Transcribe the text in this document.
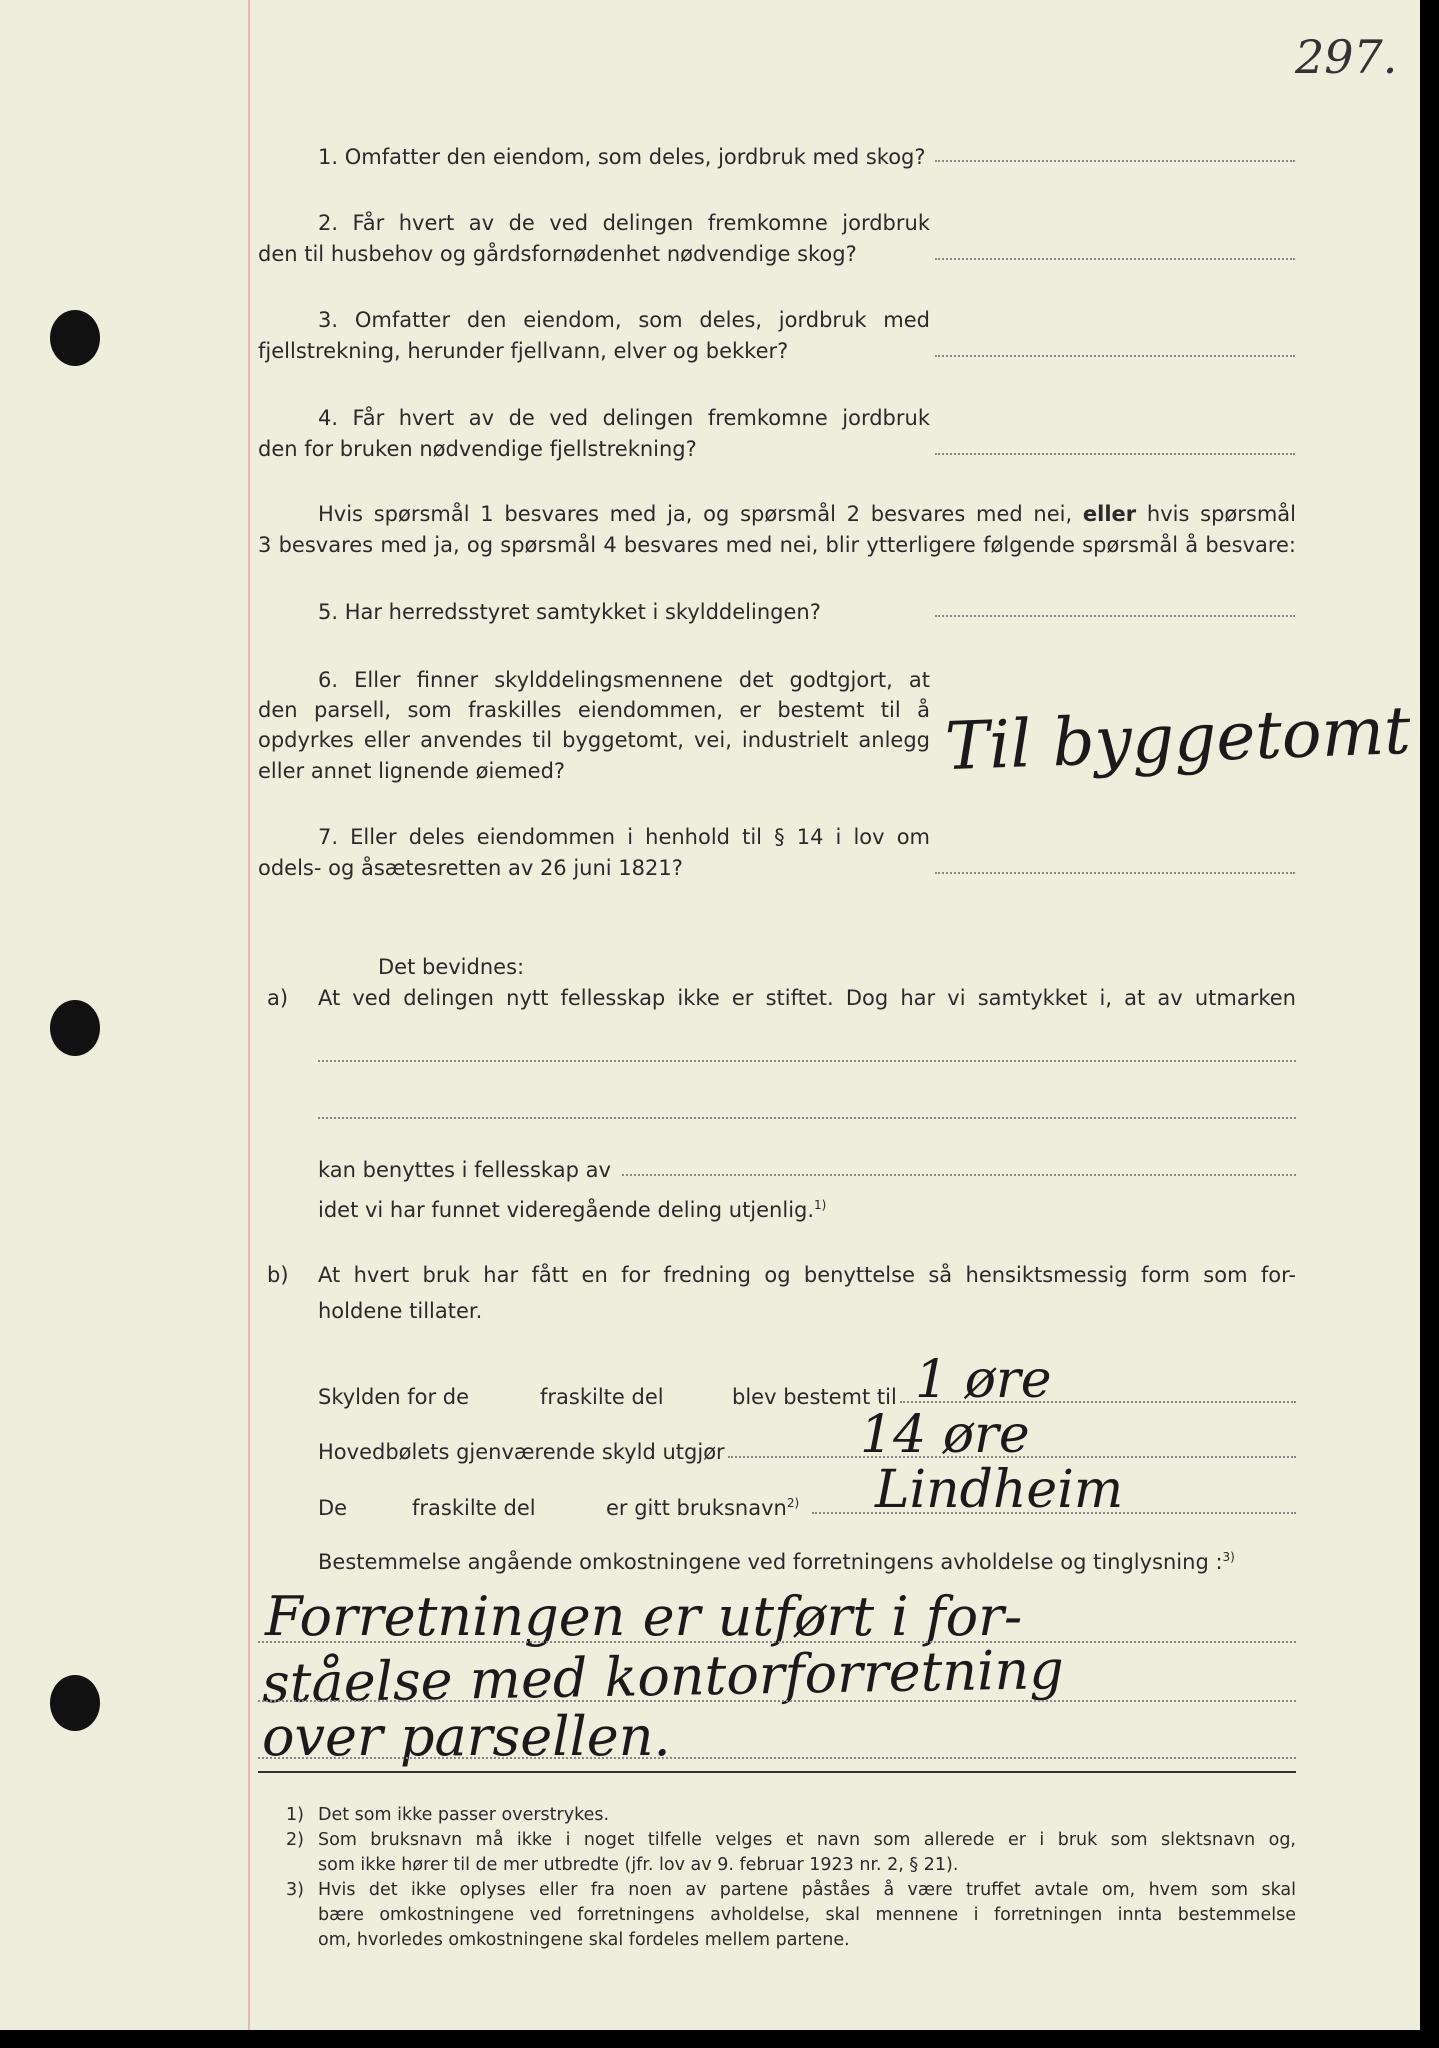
297.
1. Omfatter den eiendom, som deles, jordbruk med skog?
2. Får hvert av de ved delingen fremkomne jordbruk
den til husbehov og gårdsfornødenhet nødvendige skog?
3. Omfatter den eiendom, som deles, jordbruk med
fjellstrekning, herunder fjellvann, elver og bekker?
4. Får hvert av de ved delingen fremkomne jordbruk
den for bruken nødvendige fjellstrekning?
Hvis spørsmål 1 besvares med ja, og spørsmål 2 besvares med nei, eller hvis spørsmål
3 besvares med ja, og spørsmål 4 besvares med nei, blir ytterligere følgende spørsmål å besvare:
5. Har herredsstyret samtykket i skylddelingen?
6. Eller finner skylddelingsmennene det godtgjort, at
den parsell, som fraskilles eiendommen, er bestemt til å
opdyrkes eller anvendes til byggetomt, vei, industrielt anlegg
eller annet lignende øiemed?	Til byggetomt
7. Eller deles eiendommen i henhold til § 14 i lov om
odels- og åsætesretten av 26 juni 1821?
Det bevidnes:
a) At ved delingen nytt fellesskap ikke er stiftet. Dog har vi samtykket i, at av utmarken
kan benyttes i fellesskap av
idet vi har funnet videregående deling utjenlig.$^{1)}$
b) At hvert bruk har fått en for fredning og benyttelse så hensiktsmessig form som for-
holdene tillater.
Skylden for de	fraskilte del	blev bestemt til 1 øre
Hovedbølets gjenværende skyld utgjør	14 øre
De	fraskilte del	er gitt bruksnavn$^{2)}$ Lindheim
Bestemmelse angående omkostningene ved forretningens avholdelse og tinglysning :$^{3)}$
Forretningen er utført i for-
ståelse med kontorforretning
over parsellen.
1) Det som ikke passer overstrykes.
2) Som bruksnavn må ikke i noget tilfelle velges et navn som allerede er i bruk som slektsnavn og,
som ikke hører til de mer utbredte (jfr. lov av 9. februar 1923 nr. 2, § 21).
3) Hvis det ikke oplyses eller fra noen av partene påståes å være truffet avtale om, hvem som skal
bære omkostningene ved forretningens avholdelse, skal mennene i forretningen innta bestemmelse
om, hvorledes omkostningene skal fordeles mellem partene.
